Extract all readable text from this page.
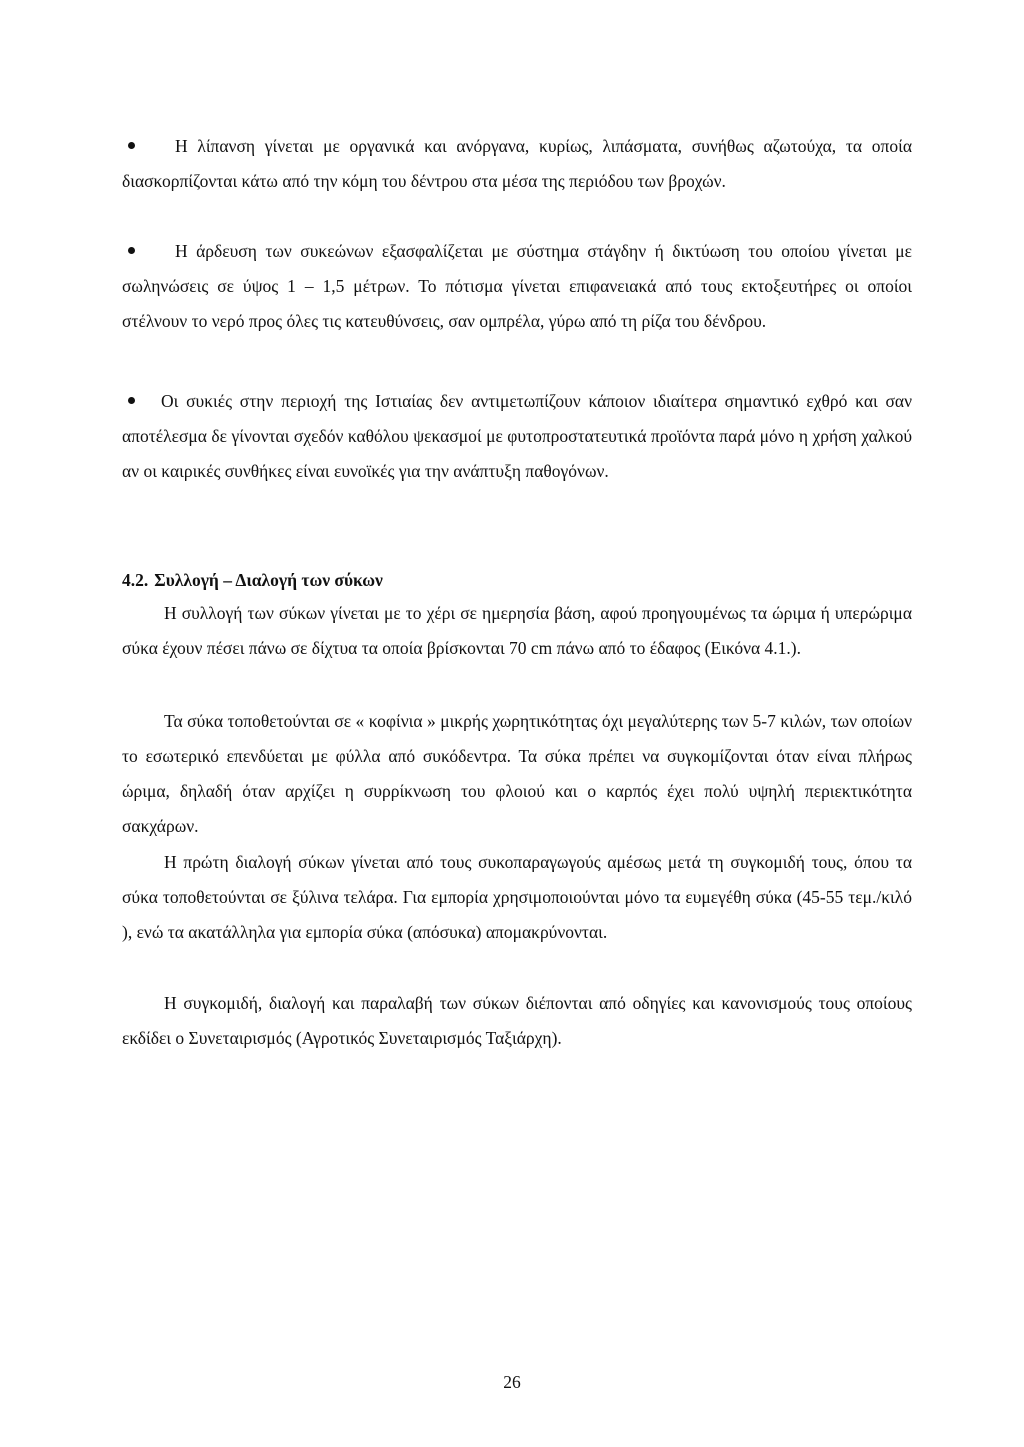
Η λίπανση γίνεται με οργανικά και ανόργανα, κυρίως, λιπάσματα, συνήθως αζωτούχα, τα οποία διασκορπίζονται κάτω από την κόμη του δέντρου στα μέσα της περιόδου των βροχών.

Η άρδευση των συκεώνων εξασφαλίζεται με σύστημα στάγδην ή δικτύωση του οποίου γίνεται με σωληνώσεις σε ύψος 1 – 1,5 μέτρων. Το πότισμα γίνεται επιφανειακά από τους εκτοξευτήρες οι οποίοι στέλνουν το νερό προς όλες τις κατευθύνσεις, σαν ομπρέλα, γύρω από τη ρίζα του δένδρου.

Οι συκιές στην περιοχή της Ιστιαίας δεν αντιμετωπίζουν κάποιον ιδιαίτερα σημαντικό εχθρό και σαν αποτέλεσμα δε γίνονται σχεδόν καθόλου ψεκασμοί με φυτοπροστατευτικά προϊόντα παρά μόνο η χρήση χαλκού αν οι καιρικές συνθήκες είναι ευνοϊκές για την ανάπτυξη παθογόνων.

4.2. Συλλογή – Διαλογή των σύκων

Η συλλογή των σύκων γίνεται με το χέρι σε ημερησία βάση, αφού προηγουμένως τα ώριμα ή υπερώριμα σύκα έχουν πέσει πάνω σε δίχτυα τα οποία βρίσκονται 70 cm πάνω από το έδαφος (Εικόνα 4.1.).

Τα σύκα τοποθετούνται σε « κοφίνια » μικρής χωρητικότητας όχι μεγαλύτερης των 5-7 κιλών, των οποίων το εσωτερικό επενδύεται με φύλλα από συκόδεντρα. Τα σύκα πρέπει να συγκομίζονται όταν είναι πλήρως ώριμα, δηλαδή όταν αρχίζει η συρρίκνωση του φλοιού και ο καρπός έχει πολύ υψηλή περιεκτικότητα σακχάρων.

Η πρώτη διαλογή σύκων γίνεται από τους συκοπαραγωγούς αμέσως μετά τη συγκομιδή τους, όπου τα σύκα τοποθετούνται σε ξύλινα τελάρα. Για εμπορία χρησιμοποιούνται μόνο τα ευμεγέθη σύκα (45-55 τεμ./κιλό ), ενώ τα ακατάλληλα για εμπορία σύκα (απόσυκα) απομακρύνονται.

Η συγκομιδή, διαλογή και παραλαβή των σύκων διέπονται από οδηγίες και κανονισμούς τους οποίους εκδίδει ο Συνεταιρισμός (Αγροτικός Συνεταιρισμός Ταξιάρχη).

26
